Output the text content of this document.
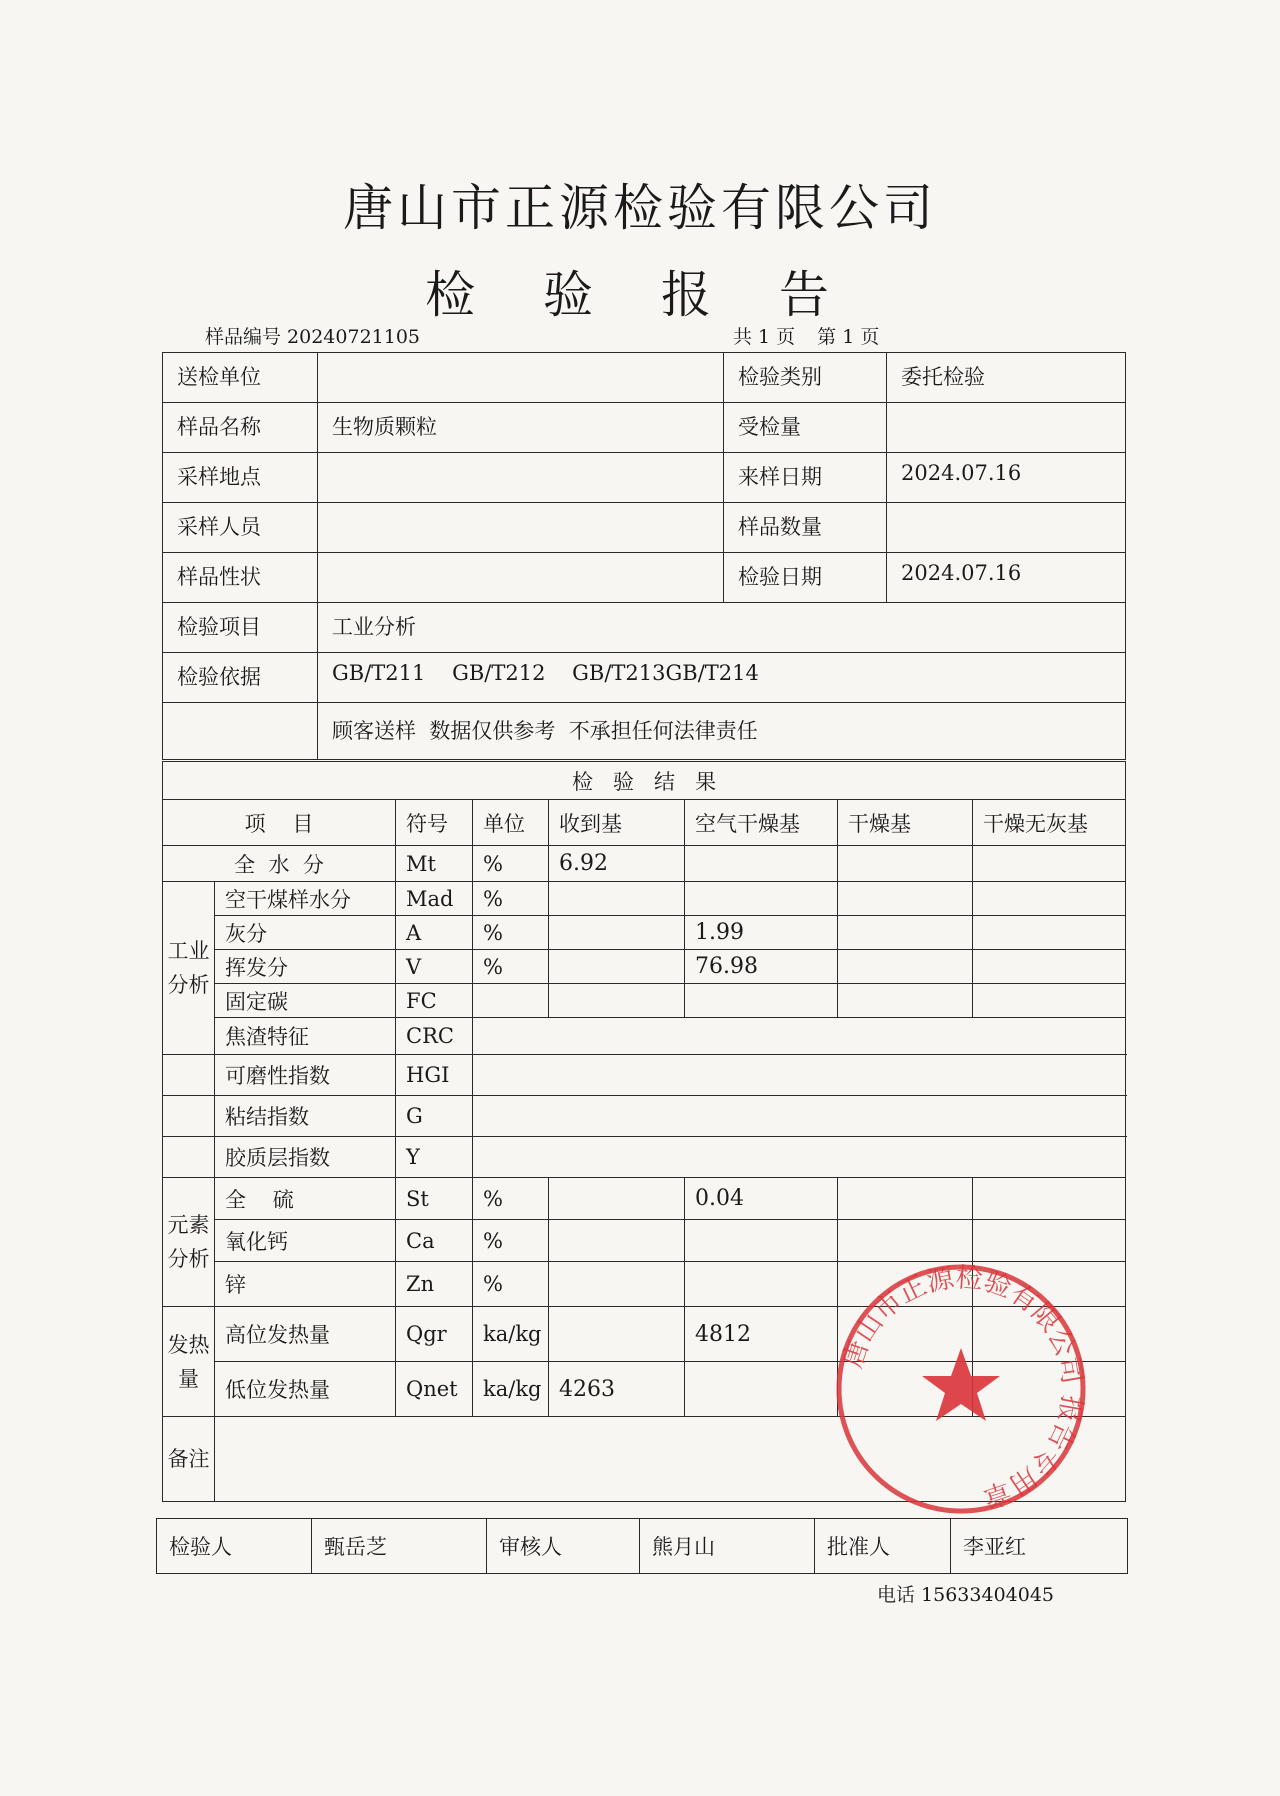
唐山市正源检验有限公司
检 验 报 告
样品编号 20240721105	共 1 页 第 1 页
送检单位		检验类别	委托检验
样品名称	生物质颗粒	受检量	
采样地点		来样日期	2024.07.16
采样人员		样品数量	
样品性状		检验日期	2024.07.16
检验项目	工业分析		
检验依据	GB/T211    GB/T212    GB/T213GB/T214		
	顾客送样  数据仅供参考  不承担任何法律责任		
检   验   结   果							
项    目		符号	单位	收到基	空气干燥基	干燥基	干燥无灰基
全  水  分		Mt	%	6.92			
工业分析	空干煤样水分	Mad	%				
	灰分	A	%		1.99		
	挥发分	V	%		76.98		
	固定碳	FC					
	焦渣特征	CRC					
	可磨性指数	HGI					
	粘结指数	G					
	胶质层指数	Y					
元素分析	全    硫	St	%		0.04		
	氧化钙	Ca	%				
	锌	Zn	%				
发热量	高位发热量	Qgr	ka/kg		4812		
	低位发热量	Qnet	ka/kg	4263			
备注							
检验人	甄岳芝	审核人	熊月山	批准人	李亚红
电话 15633404045
唐山市正源检验有限公司 报告专用章
